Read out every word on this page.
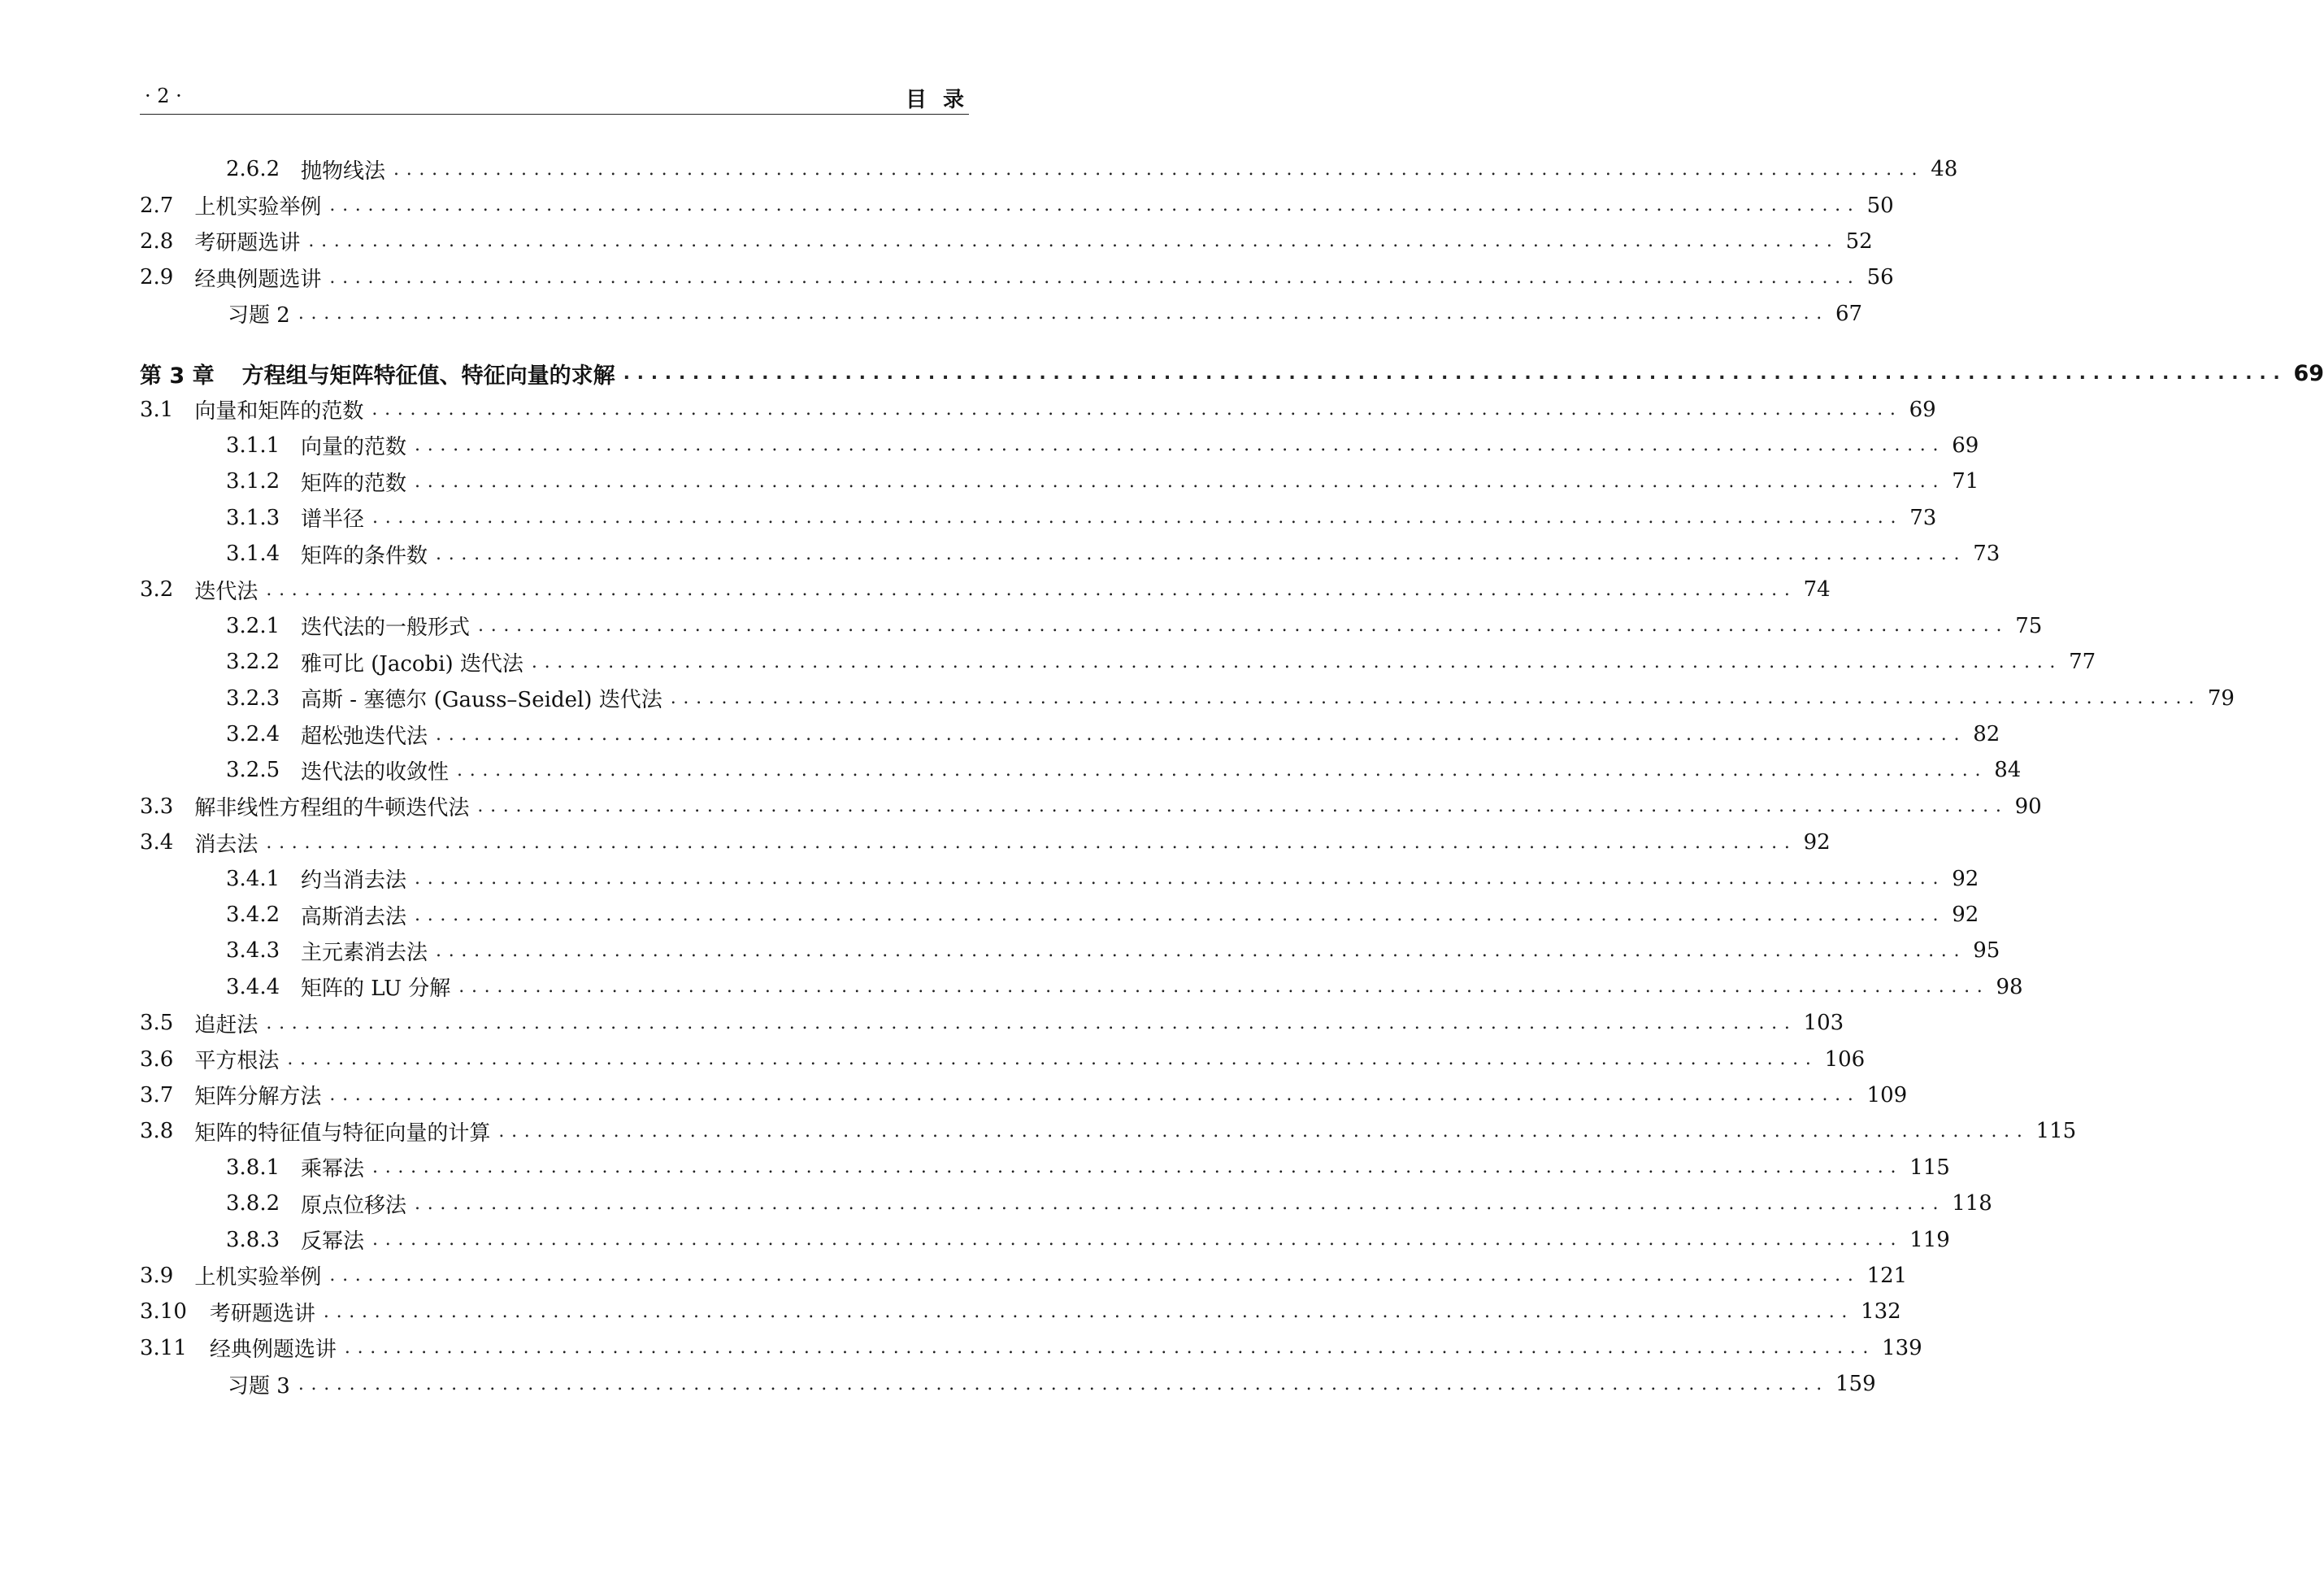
· 2 ·	目录
2.6.2 抛物线法 ........................................................................................................................ 48
2.7 上机实验举例 ........................................................................................................................ 50
2.8 考研题选讲 ........................................................................................................................ 52
2.9 经典例题选讲 ........................................................................................................................ 56
习题 2 ........................................................................................................................ 67
第 3 章 方程组与矩阵特征值、特征向量的求解 ........................................................................................................................ 69
3.1 向量和矩阵的范数 ........................................................................................................................ 69
3.1.1 向量的范数 ........................................................................................................................ 69
3.1.2 矩阵的范数 ........................................................................................................................ 71
3.1.3 谱半径 ........................................................................................................................ 73
3.1.4 矩阵的条件数 ........................................................................................................................ 73
3.2 迭代法 ........................................................................................................................ 74
3.2.1 迭代法的一般形式 ........................................................................................................................ 75
3.2.2 雅可比 (Jacobi) 迭代法 ........................................................................................................................ 77
3.2.3 高斯 - 塞德尔 (Gauss–Seidel) 迭代法 ........................................................................................................................ 79
3.2.4 超松弛迭代法 ........................................................................................................................ 82
3.2.5 迭代法的收敛性 ........................................................................................................................ 84
3.3 解非线性方程组的牛顿迭代法 ........................................................................................................................ 90
3.4 消去法 ........................................................................................................................ 92
3.4.1 约当消去法 ........................................................................................................................ 92
3.4.2 高斯消去法 ........................................................................................................................ 92
3.4.3 主元素消去法 ........................................................................................................................ 95
3.4.4 矩阵的 LU 分解 ........................................................................................................................ 98
3.5 追赶法 ........................................................................................................................ 103
3.6 平方根法 ........................................................................................................................ 106
3.7 矩阵分解方法 ........................................................................................................................ 109
3.8 矩阵的特征值与特征向量的计算 ........................................................................................................................ 115
3.8.1 乘幂法 ........................................................................................................................ 115
3.8.2 原点位移法 ........................................................................................................................ 118
3.8.3 反幂法 ........................................................................................................................ 119
3.9 上机实验举例 ........................................................................................................................ 121
3.10 考研题选讲 ........................................................................................................................ 132
3.11 经典例题选讲 ........................................................................................................................ 139
习题 3 ........................................................................................................................ 159
